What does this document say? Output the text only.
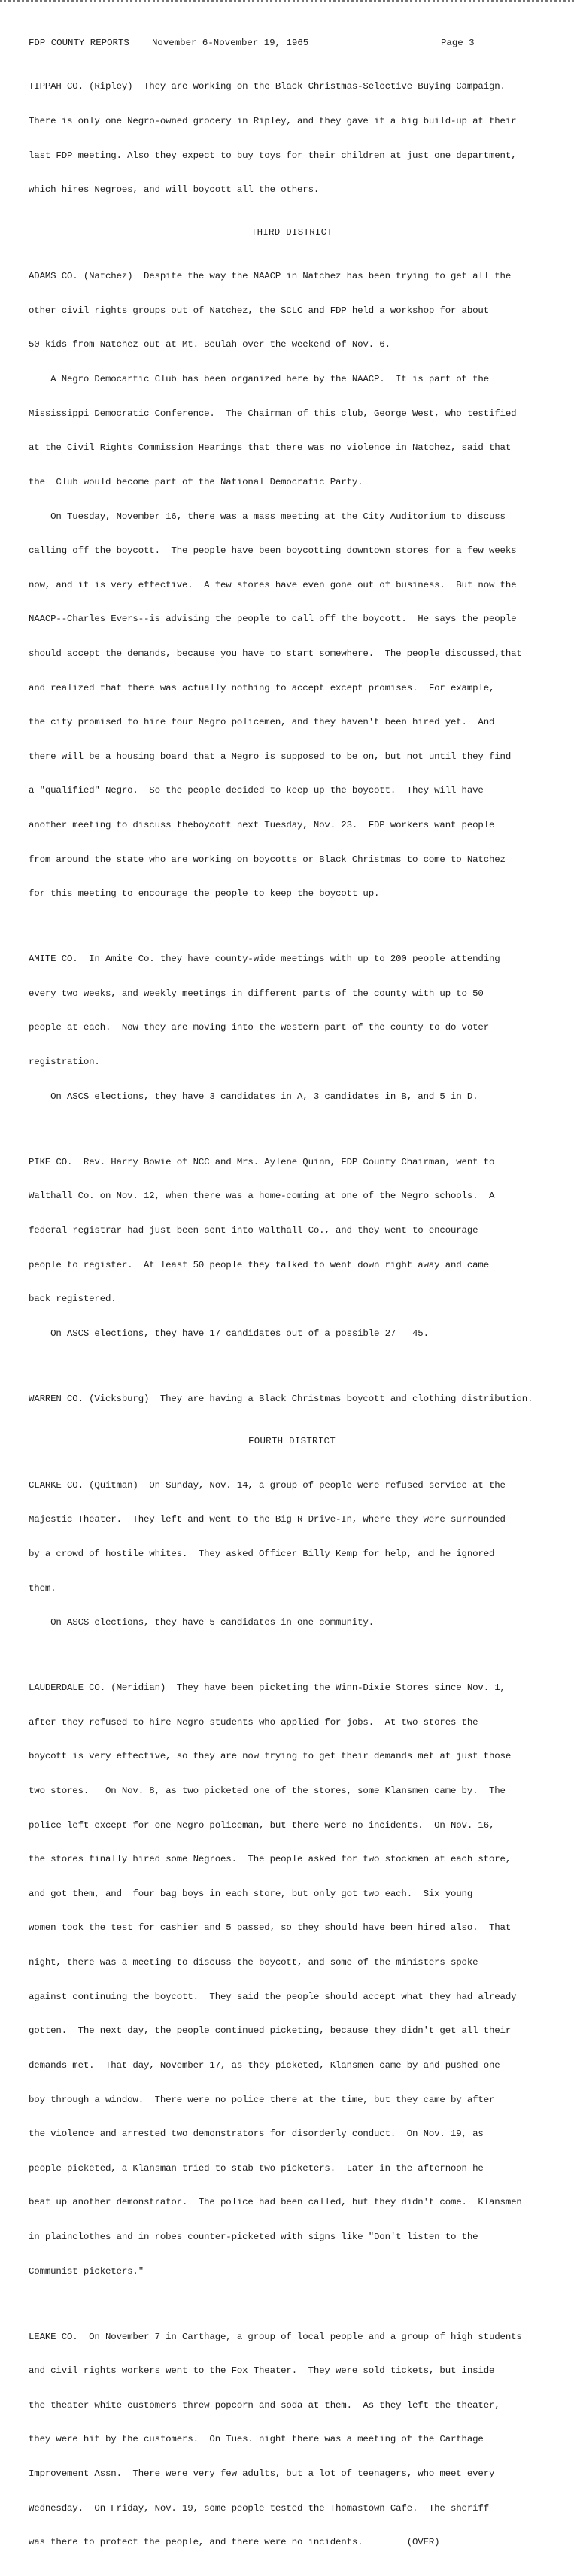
FDP COUNTY REPORTS November 6-November 19, 1965	Page 3

TIPPAH CO. (Ripley)  They are working on the Black Christmas-Selective Buying Campaign.

There is only one Negro-owned grocery in Ripley, and they gave it a big build-up at their

last FDP meeting. Also they expect to buy toys for their children at just one department,

which hires Negroes, and will boycott all the others.

THIRD DISTRICT

ADAMS CO. (Natchez)  Despite the way the NAACP in Natchez has been trying to get all the

other civil rights groups out of Natchez, the SCLC and FDP held a workshop for about

50 kids from Natchez out at Mt. Beulah over the weekend of Nov. 6.

A Negro Democartic Club has been organized here by the NAACP.  It is part of the

Mississippi Democratic Conference.  The Chairman of this club, George West, who testified

at the Civil Rights Commission Hearings that there was no violence in Natchez, said that

the  Club would become part of the National Democratic Party.

On Tuesday, November 16, there was a mass meeting at the City Auditorium to discuss

calling off the boycott.  The people have been boycotting downtown stores for a few weeks

now, and it is very effective.  A few stores have even gone out of business.  But now the

NAACP--Charles Evers--is advising the people to call off the boycott.  He says the people

should accept the demands, because you have to start somewhere.  The people discussed,that

and realized that there was actually nothing to accept except promises.  For example,

the city promised to hire four Negro policemen, and they haven't been hired yet.  And

there will be a housing board that a Negro is supposed to be on, but not until they find

a "qualified" Negro.  So the people decided to keep up the boycott.  They will have

another meeting to discuss theboycott next Tuesday, Nov. 23.  FDP workers want people

from around the state who are working on boycotts or Black Christmas to come to Natchez

for this meeting to encourage the people to keep the boycott up.

AMITE CO.  In Amite Co. they have county-wide meetings with up to 200 people attending

every two weeks, and weekly meetings in different parts of the county with up to 50

people at each.  Now they are moving into the western part of the county to do voter

registration.

On ASCS elections, they have 3 candidates in A, 3 candidates in B, and 5 in D.

PIKE CO.  Rev. Harry Bowie of NCC and Mrs. Aylene Quinn, FDP County Chairman, went to

Walthall Co. on Nov. 12, when there was a home-coming at one of the Negro schools.  A

federal registrar had just been sent into Walthall Co., and they went to encourage

people to register.  At least 50 people they talked to went down right away and came

back registered.

On ASCS elections, they have 17 candidates out of a possible 27   45.

WARREN CO. (Vicksburg)  They are having a Black Christmas boycott and clothing distribution.

FOURTH DISTRICT

CLARKE CO. (Quitman)  On Sunday, Nov. 14, a group of people were refused service at the

Majestic Theater.  They left and went to the Big R Drive-In, where they were surrounded

by a crowd of hostile whites.  They asked Officer Billy Kemp for help, and he ignored

them.

On ASCS elections, they have 5 candidates in one community.

LAUDERDALE CO. (Meridian)  They have been picketing the Winn-Dixie Stores since Nov. 1,

after they refused to hire Negro students who applied for jobs.  At two stores the

boycott is very effective, so they are now trying to get their demands met at just those

two stores.   On Nov. 8, as two picketed one of the stores, some Klansmen came by.  The

police left except for one Negro policeman, but there were no incidents.  On Nov. 16,

the stores finally hired some Negroes.  The people asked for two stockmen at each store,

and got them, and  four bag boys in each store, but only got two each.  Six young

women took the test for cashier and 5 passed, so they should have been hired also.  That

night, there was a meeting to discuss the boycott, and some of the ministers spoke

against continuing the boycott.  They said the people should accept what they had already

gotten.  The next day, the people continued picketing, because they didn't get all their

demands met.  That day, November 17, as they picketed, Klansmen came by and pushed one

boy through a window.  There were no police there at the time, but they came by after

the violence and arrested two demonstrators for disorderly conduct.  On Nov. 19, as

people picketed, a Klansman tried to stab two picketers.  Later in the afternoon he

beat up another demonstrator.  The police had been called, but they didn't come.  Klansmen

in plainclothes and in robes counter-picketed with signs like "Don't listen to the

Communist picketers."

LEAKE CO.  On November 7 in Carthage, a group of local people and a group of high students

and civil rights workers went to the Fox Theater.  They were sold tickets, but inside

the theater white customers threw popcorn and soda at them.  As they left the theater,

they were hit by the customers.  On Tues. night there was a meeting of the Carthage

Improvement Assn.  There were very few adults, but a lot of teenagers, who meet every

Wednesday.  On Friday, Nov. 19, some people tested the Thomastown Cafe.  The sheriff

was there to protect the people, and there were no incidents.        (OVER)
